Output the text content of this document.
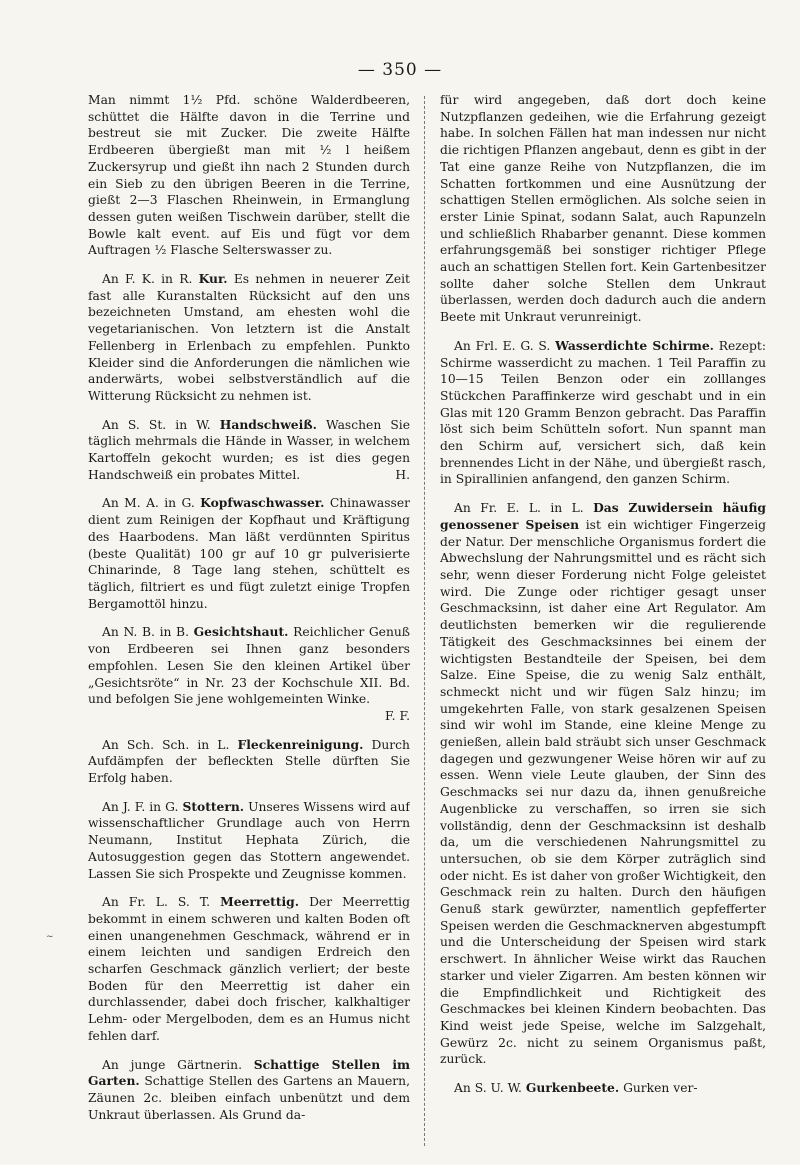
— 350 —

Man nimmt 1½ Pfd. schöne Walderdbeeren, schüttet die Hälfte davon in die Terrine und bestreut sie mit Zucker. Die zweite Hälfte Erdbeeren übergießt man mit ½ l heißem Zuckersyrup und gießt ihn nach 2 Stunden durch ein Sieb zu den übrigen Beeren in die Terrine, gießt 2—3 Flaschen Rheinwein, in Ermanglung dessen guten weißen Tischwein darüber, stellt die Bowle kalt event. auf Eis und fügt vor dem Auftragen ½ Flasche Selterswasser zu.

An F. K. in R. Kur. Es nehmen in neuerer Zeit fast alle Kuranstalten Rücksicht auf den uns bezeichneten Umstand, am ehesten wohl die vegetarianischen. Von letztern ist die Anstalt Fellenberg in Erlenbach zu empfehlen. Punkto Kleider sind die Anforderungen die nämlichen wie anderwärts, wobei selbstverständlich auf die Witterung Rücksicht zu nehmen ist.

An S. St. in W. Handschweiß. Waschen Sie täglich mehrmals die Hände in Wasser, in welchem Kartoffeln gekocht wurden; es ist dies gegen Handschweiß ein probates Mittel.	H.

An M. A. in G. Kopfwaschwasser. Chinawasser dient zum Reinigen der Kopfhaut und Kräftigung des Haarbodens. Man läßt verdünnten Spiritus (beste Qualität) 100 gr auf 10 gr pulverisierte Chinarinde, 8 Tage lang stehen, schüttelt es täglich, filtriert es und fügt zuletzt einige Tropfen Bergamottöl hinzu.

An N. B. in B. Gesichtshaut. Reichlicher Genuß von Erdbeeren sei Ihnen ganz besonders empfohlen. Lesen Sie den kleinen Artikel über „Gesichtsröte“ in Nr. 23 der Kochschule XII. Bd. und befolgen Sie jene wohlgemeinten Winke.
F. F.

An Sch. Sch. in L. Fleckenreinigung. Durch Aufdämpfen der befleckten Stelle dürften Sie Erfolg haben.

An J. F. in G. Stottern. Unseres Wissens wird auf wissenschaftlicher Grundlage auch von Herrn Neumann, Institut Hephata Zürich, die Autosuggestion gegen das Stottern angewendet. Lassen Sie sich Prospekte und Zeugnisse kommen.

An Fr. L. S. T. Meerrettig. Der Meerrettig bekommt in einem schweren und kalten Boden oft einen unangenehmen Geschmack, während er in einem leichten und sandigen Erdreich den scharfen Geschmack gänzlich verliert; der beste Boden für den Meerrettig ist daher ein durchlassender, dabei doch frischer, kalkhaltiger Lehm- oder Mergelboden, dem es an Humus nicht fehlen darf.

An junge Gärtnerin. Schattige Stellen im Garten. Schattige Stellen des Gartens an Mauern, Zäunen 2c. bleiben einfach unbenützt und dem Unkraut überlassen. Als Grund da-

für wird angegeben, daß dort doch keine Nutzpflanzen gedeihen, wie die Erfahrung gezeigt habe. In solchen Fällen hat man indessen nur nicht die richtigen Pflanzen angebaut, denn es gibt in der Tat eine ganze Reihe von Nutzpflanzen, die im Schatten fortkommen und eine Ausnützung der schattigen Stellen ermöglichen. Als solche seien in erster Linie Spinat, sodann Salat, auch Rapunzeln und schließlich Rhabarber genannt. Diese kommen erfahrungsgemäß bei sonstiger richtiger Pflege auch an schattigen Stellen fort. Kein Gartenbesitzer sollte daher solche Stellen dem Unkraut überlassen, werden doch dadurch auch die andern Beete mit Unkraut verunreinigt.

An Frl. E. G. S. Wasserdichte Schirme. Rezept: Schirme wasserdicht zu machen. 1 Teil Paraffin zu 10—15 Teilen Benzon oder ein zolllanges Stückchen Paraffinkerze wird geschabt und in ein Glas mit 120 Gramm Benzon gebracht. Das Paraffin löst sich beim Schütteln sofort. Nun spannt man den Schirm auf, versichert sich, daß kein brennendes Licht in der Nähe, und übergießt rasch, in Spirallinien anfangend, den ganzen Schirm.

An Fr. E. L. in L. Das Zuwidersein häufig genossener Speisen ist ein wichtiger Fingerzeig der Natur. Der menschliche Organismus fordert die Abwechslung der Nahrungsmittel und es rächt sich sehr, wenn dieser Forderung nicht Folge geleistet wird. Die Zunge oder richtiger gesagt unser Geschmacksinn, ist daher eine Art Regulator. Am deutlichsten bemerken wir die regulierende Tätigkeit des Geschmacksinnes bei einem der wichtigsten Bestandteile der Speisen, bei dem Salze. Eine Speise, die zu wenig Salz enthält, schmeckt nicht und wir fügen Salz hinzu; im umgekehrten Falle, von stark gesalzenen Speisen sind wir wohl im Stande, eine kleine Menge zu genießen, allein bald sträubt sich unser Geschmack dagegen und gezwungener Weise hören wir auf zu essen. Wenn viele Leute glauben, der Sinn des Geschmacks sei nur dazu da, ihnen genußreiche Augenblicke zu verschaffen, so irren sie sich vollständig, denn der Geschmacksinn ist deshalb da, um die verschiedenen Nahrungsmittel zu untersuchen, ob sie dem Körper zuträglich sind oder nicht. Es ist daher von großer Wichtigkeit, den Geschmack rein zu halten. Durch den häufigen Genuß stark gewürzter, namentlich gepfefferter Speisen werden die Geschmacknerven abgestumpft und die Unterscheidung der Speisen wird stark erschwert. In ähnlicher Weise wirkt das Rauchen starker und vieler Zigarren. Am besten können wir die Empfindlichkeit und Richtigkeit des Geschmackes bei kleinen Kindern beobachten. Das Kind weist jede Speise, welche im Salzgehalt, Gewürz 2c. nicht zu seinem Organismus paßt, zurück.

An S. U. W. Gurkenbeete. Gurken ver-

~
